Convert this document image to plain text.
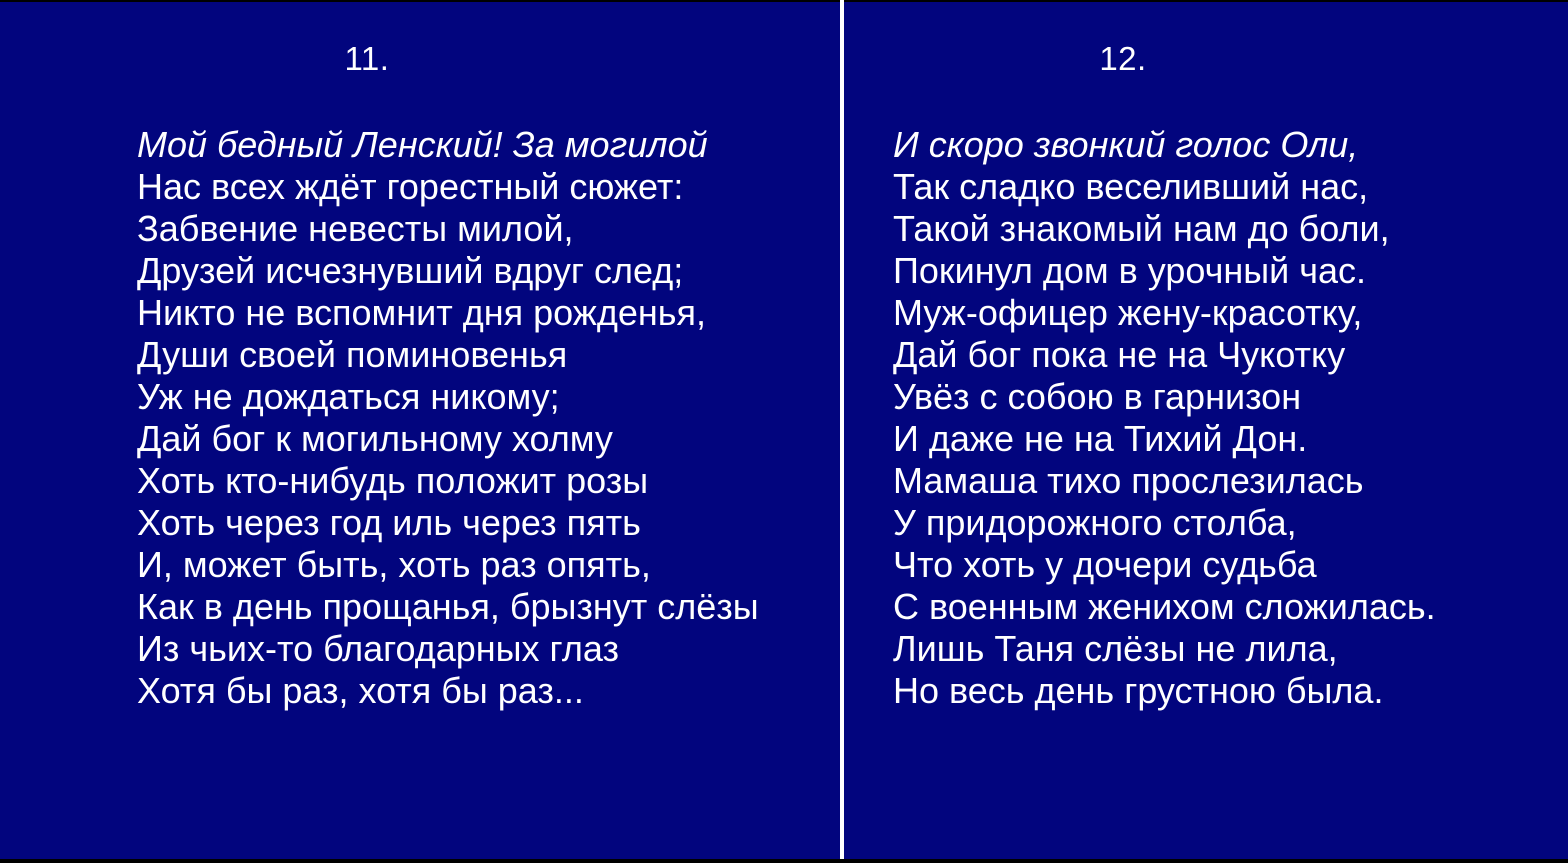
11.
Мой бедный Ленский! За могилой
Нас всех ждёт горестный сюжет:
Забвение невесты милой,
Друзей исчезнувший вдруг след;
Никто не вспомнит дня рожденья,
Души своей поминовенья
Уж не дождаться никому;
Дай бог к могильному холму
Хоть кто-нибудь положит розы
Хоть через год иль через пять
И, может быть, хоть раз опять,
Как в день прощанья, брызнут слёзы
Из чьих-то благодарных глаз
Хотя бы раз, хотя бы раз...
12.
И скоро звонкий голос Оли,
Так сладко веселивший нас,
Такой знакомый нам до боли,
Покинул дом в урочный час.
Муж-офицер жену-красотку,
Дай бог пока не на Чукотку
Увёз с собою в гарнизон
И даже не на Тихий Дон.
Мамаша тихо прослезилась
У придорожного столба,
Что хоть у дочери судьба
С военным женихом сложилась.
Лишь Таня слёзы не лила,
Но весь день грустною была.
